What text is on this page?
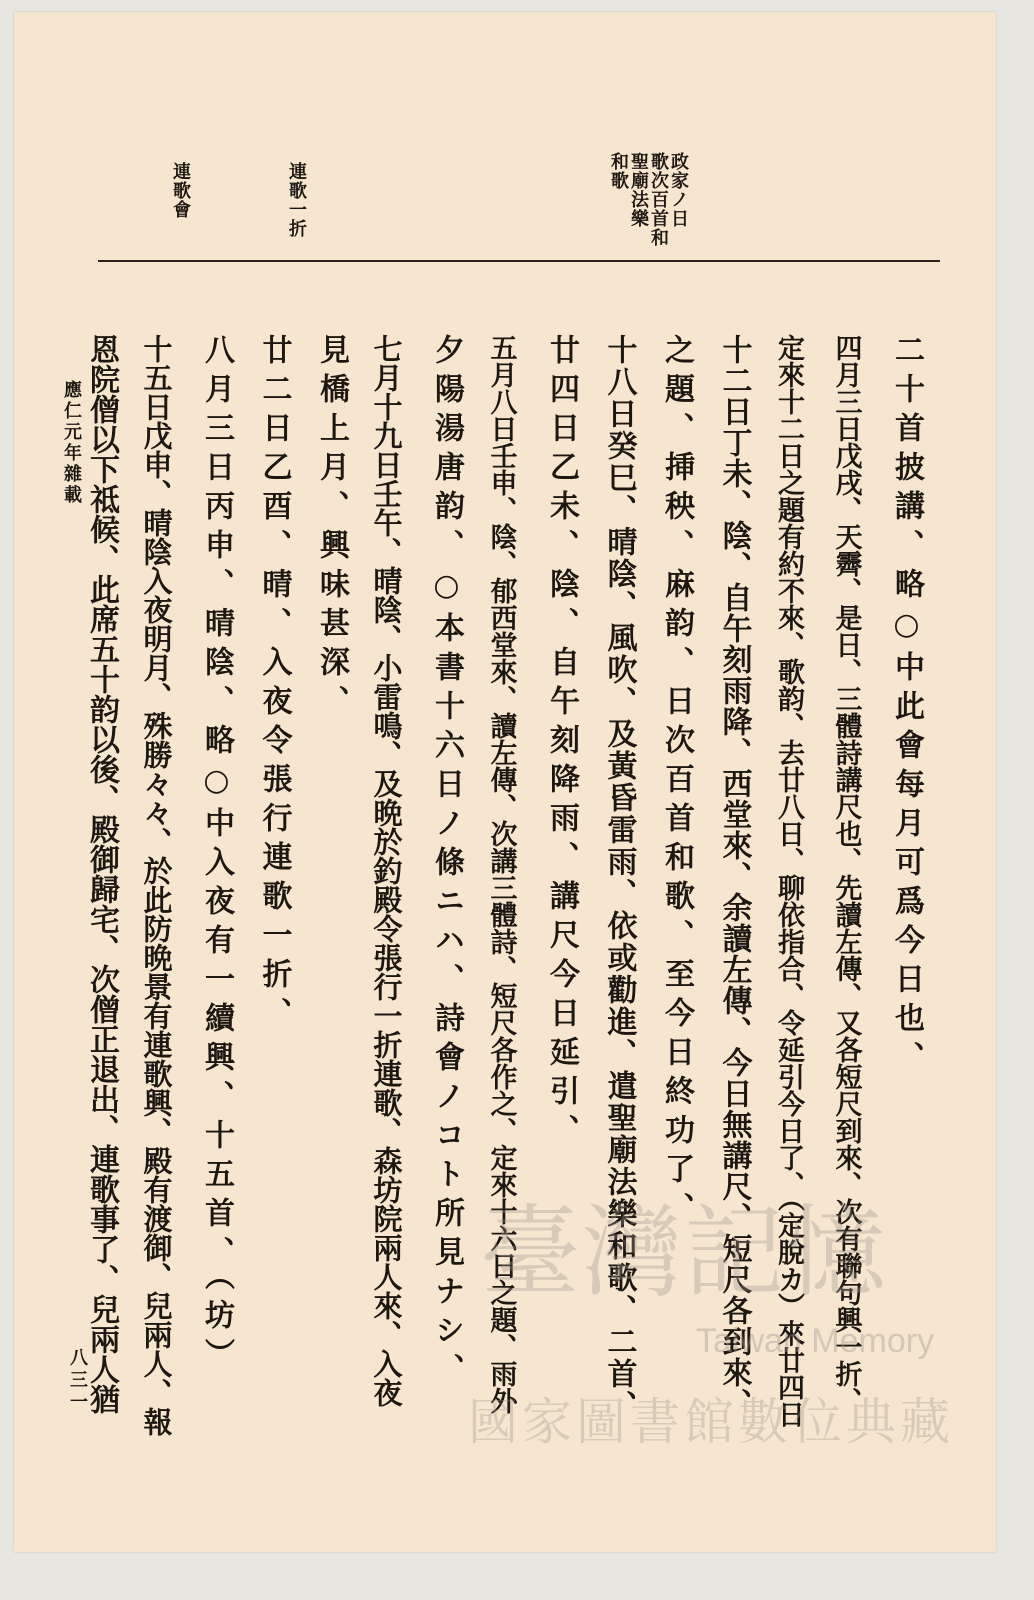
政家ノ日
歌次百首和
聖廟法樂
和歌
連歌一折
連歌會
二十首披講、略○中此會每月可爲今日也、
四月三日戊戌、天霽、是日、三體詩講尺也、先讀左傳、又各短尺到來、次有聯句興一折、
定來十二日之題有約不來、歌韵、去廿八日、聊依指合、令延引今日了、（定脫カ）來廿四日
十二日丁未、陰、自午刻雨降、西堂來、余讀左傳、今日無講尺、短尺各到來、
之題、挿秧、麻韵、日次百首和歌、至今日終功了、
十八日癸巳、晴陰、風吹、及黃昏雷雨、依或勸進、遣聖廟法樂和歌、二首、
廿四日乙未、陰、自午刻降雨、講尺今日延引、
五月八日壬申、陰、郁西堂來、讀左傳、次講三體詩、短尺各作之、定來十六日之題、雨外
夕陽湯唐韵、○本書十六日ノ條ニハ、詩會ノコト所見ナシ、
七月十九日壬午、晴陰、小雷鳴、及晩於釣殿令張行一折連歌、森坊院兩人來、入夜
見橋上月、興味甚深、
廿二日乙酉、晴、入夜令張行連歌一折、
八月三日丙申、晴陰、略○中入夜有一續興、十五首、（坊）
十五日戊申、晴陰入夜明月、殊勝々々、於此防晩景有連歌興、殿有渡御、兒兩人、報
恩院僧以下祗候、此席五十韵以後、殿御歸宅、次僧正退出、連歌事了、兒兩人猶
應仁元年雜載
八三一
臺灣記憶
Taiwan Memory
國家圖書館數位典藏
